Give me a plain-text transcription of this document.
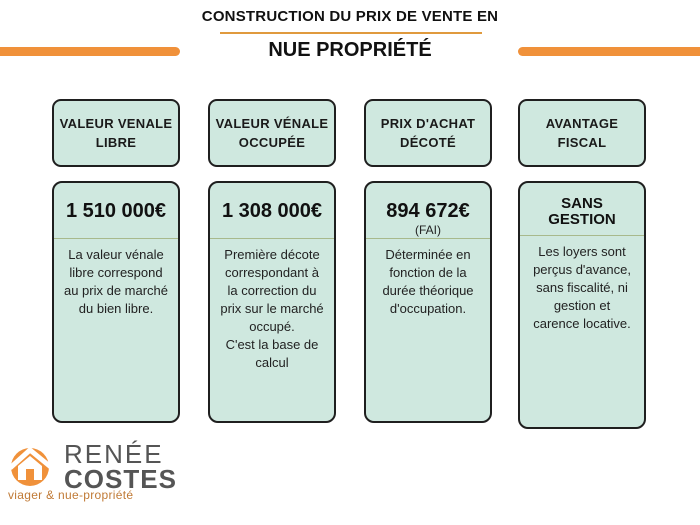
CONSTRUCTION DU PRIX DE VENTE EN
NUE PROPRIÉTÉ
VALEUR VENALE
LIBRE
1 510 000€
La valeur vénale
libre correspond
au prix de marché
du bien libre.
VALEUR VÉNALE
OCCUPÉE
1 308 000€
Première décote
correspondant à
la correction du
prix sur le marché
occupé.
C'est la base de
calcul
PRIX D'ACHAT
DÉCOTÉ
894 672€
(FAI)
Déterminée en
fonction de la
durée théorique
d'occupation.
AVANTAGE
FISCAL
SANS
GESTION
Les loyers sont
perçus d'avance,
sans fiscalité, ni
gestion et
carence locative.
RENÉE
COSTES
viager & nue-propriété
